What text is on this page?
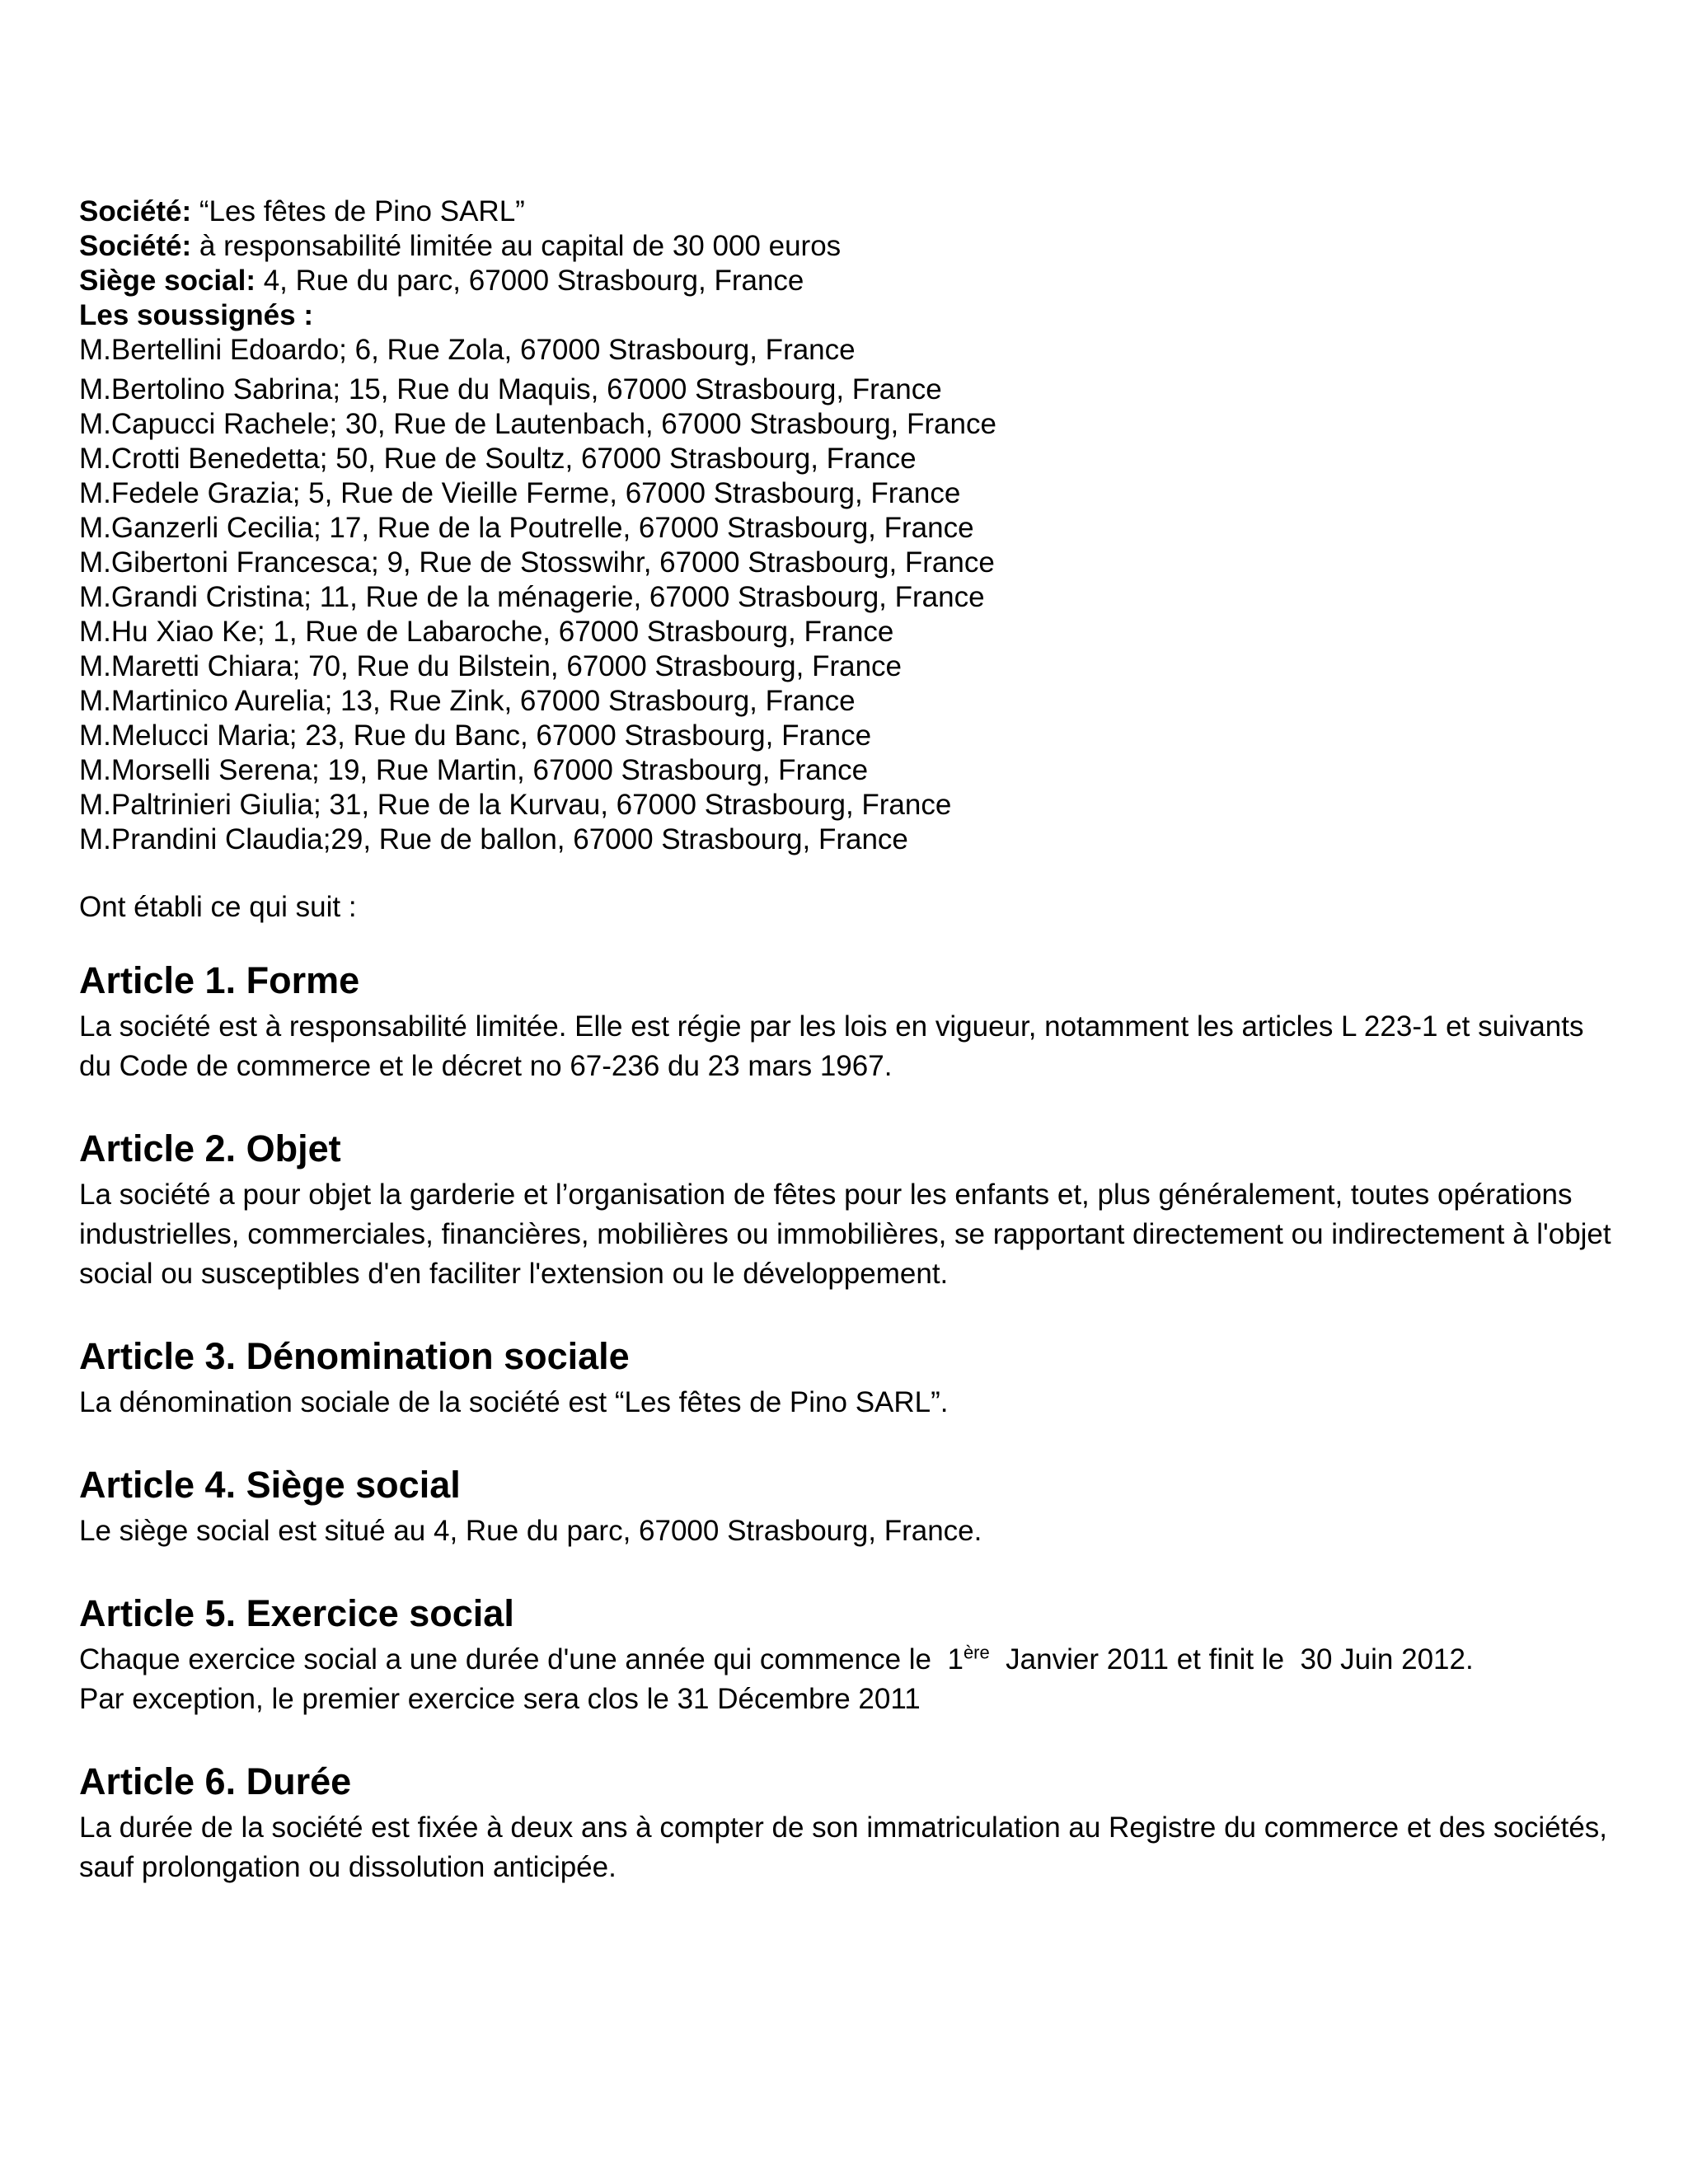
Société: “Les fêtes de Pino SARL”
Société: à responsabilité limitée au capital de 30 000 euros
Siège social: 4, Rue du parc, 67000 Strasbourg, France
Les soussignés :
M.Bertellini Edoardo; 6, Rue Zola, 67000 Strasbourg, France
M.Bertolino Sabrina; 15, Rue du Maquis, 67000 Strasbourg, France
M.Capucci Rachele; 30, Rue de Lautenbach, 67000 Strasbourg, France
M.Crotti Benedetta; 50, Rue de Soultz, 67000 Strasbourg, France
M.Fedele Grazia; 5, Rue de Vieille Ferme, 67000 Strasbourg, France
M.Ganzerli Cecilia; 17, Rue de la Poutrelle, 67000 Strasbourg, France
M.Gibertoni Francesca; 9, Rue de Stosswihr, 67000 Strasbourg, France
M.Grandi Cristina; 11, Rue de la ménagerie, 67000 Strasbourg, France
M.Hu Xiao Ke; 1, Rue de Labaroche, 67000 Strasbourg, France
M.Maretti Chiara; 70, Rue du Bilstein, 67000 Strasbourg, France
M.Martinico Aurelia; 13, Rue Zink, 67000 Strasbourg, France
M.Melucci Maria; 23, Rue du Banc, 67000 Strasbourg, France
M.Morselli Serena; 19, Rue Martin, 67000 Strasbourg, France
M.Paltrinieri Giulia; 31, Rue de la Kurvau, 67000 Strasbourg, France
M.Prandini Claudia;29, Rue de ballon, 67000 Strasbourg, France
Ont établi ce qui suit :
Article 1. Forme

La société est à responsabilité limitée. Elle est régie par les lois en vigueur, notamment les articles L 223-1 et suivants du Code de commerce et le décret no 67-236 du 23 mars 1967.

Article 2. Objet

La société a pour objet la garderie et l’organisation de fêtes pour les enfants et, plus généralement, toutes opérations industrielles, commerciales, financières, mobilières ou immobilières, se rapportant directement ou indirectement à l'objet social ou susceptibles d'en faciliter l'extension ou le développement.

Article 3. Dénomination sociale

La dénomination sociale de la société est “Les fêtes de Pino SARL”.

Article 4. Siège social

Le siège social est situé au 4, Rue du parc, 67000 Strasbourg, France.

Article 5. Exercice social

Chaque exercice social a une durée d'une année qui commence le  1ère  Janvier 2011 et finit le  30 Juin 2012.
Par exception, le premier exercice sera clos le 31 Décembre 2011

Article 6. Durée

La durée de la société est fixée à deux ans à compter de son immatriculation au Registre du commerce et des sociétés, sauf prolongation ou dissolution anticipée.
